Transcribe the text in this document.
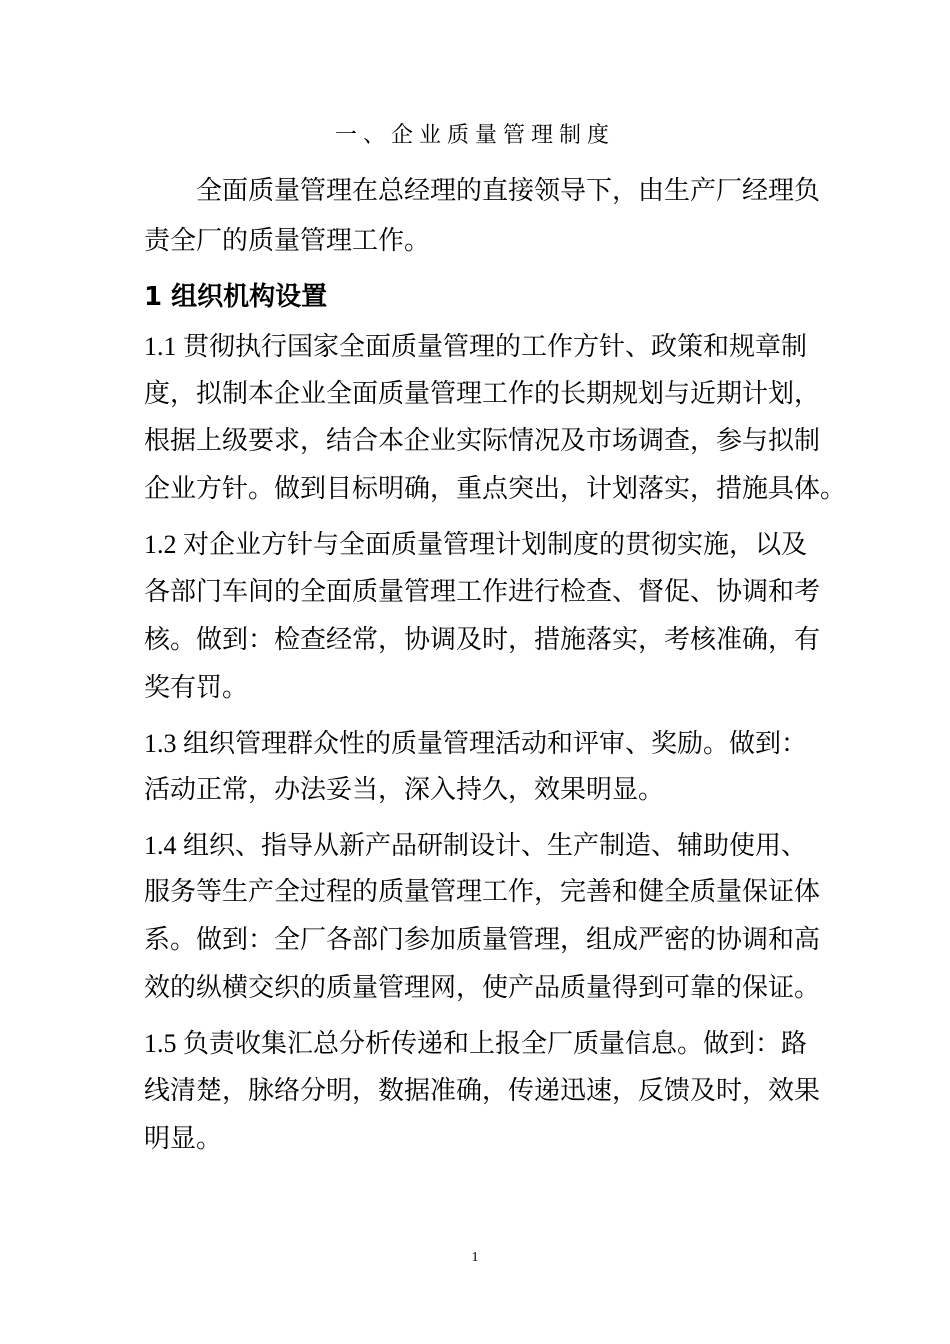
一、企业质量管理制度
全面质量管理在总经理的直接领导下，由生产厂经理负
责全厂的质量管理工作。
1 组织机构设置
1.1 贯彻执行国家全面质量管理的工作方针、政策和规章制
度，拟制本企业全面质量管理工作的长期规划与近期计划，
根据上级要求，结合本企业实际情况及市场调查，参与拟制
企业方针。做到目标明确，重点突出，计划落实，措施具体。
1.2 对企业方针与全面质量管理计划制度的贯彻实施，以及
各部门车间的全面质量管理工作进行检查、督促、协调和考
核。做到：检查经常，协调及时，措施落实，考核准确，有
奖有罚。
1.3 组织管理群众性的质量管理活动和评审、奖励。做到：
活动正常，办法妥当，深入持久，效果明显。
1.4 组织、指导从新产品研制设计、生产制造、辅助使用、
服务等生产全过程的质量管理工作，完善和健全质量保证体
系。做到：全厂各部门参加质量管理，组成严密的协调和高
效的纵横交织的质量管理网，使产品质量得到可靠的保证。
1.5 负责收集汇总分析传递和上报全厂质量信息。做到：路
线清楚，脉络分明，数据准确，传递迅速，反馈及时，效果
明显。
1
